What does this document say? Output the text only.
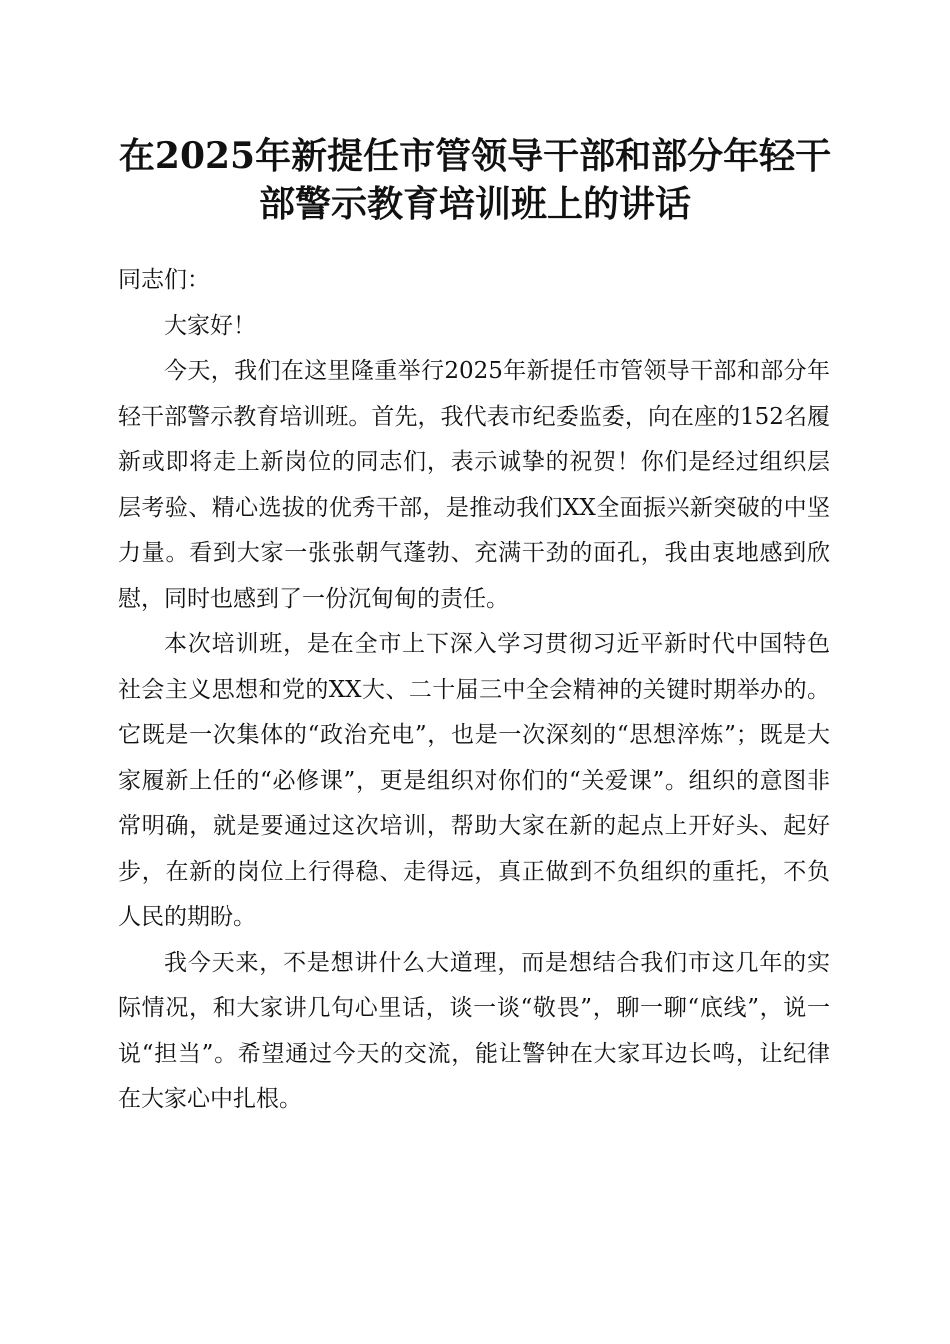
在2025年新提任市管领导干部和部分年轻干
部警示教育培训班上的讲话

同志们：

大家好！

今天，我们在这里隆重举行2025年新提任市管领导干部和部分年轻干部警示教育培训班。首先，我代表市纪委监委，向在座的152名履新或即将走上新岗位的同志们，表示诚挚的祝贺！你们是经过组织层层考验、精心选拔的优秀干部，是推动我们XX全面振兴新突破的中坚力量。看到大家一张张朝气蓬勃、充满干劲的面孔，我由衷地感到欣慰，同时也感到了一份沉甸甸的责任。

本次培训班，是在全市上下深入学习贯彻习近平新时代中国特色社会主义思想和党的XX大、二十届三中全会精神的关键时期举办的。它既是一次集体的“政治充电”，也是一次深刻的“思想淬炼”；既是大家履新上任的“必修课”，更是组织对你们的“关爱课”。组织的意图非常明确，就是要通过这次培训，帮助大家在新的起点上开好头、起好步，在新的岗位上行得稳、走得远，真正做到不负组织的重托，不负人民的期盼。

我今天来，不是想讲什么大道理，而是想结合我们市这几年的实际情况，和大家讲几句心里话，谈一谈“敬畏”，聊一聊“底线”，说一说“担当”。希望通过今天的交流，能让警钟在大家耳边长鸣，让纪律在大家心中扎根。
